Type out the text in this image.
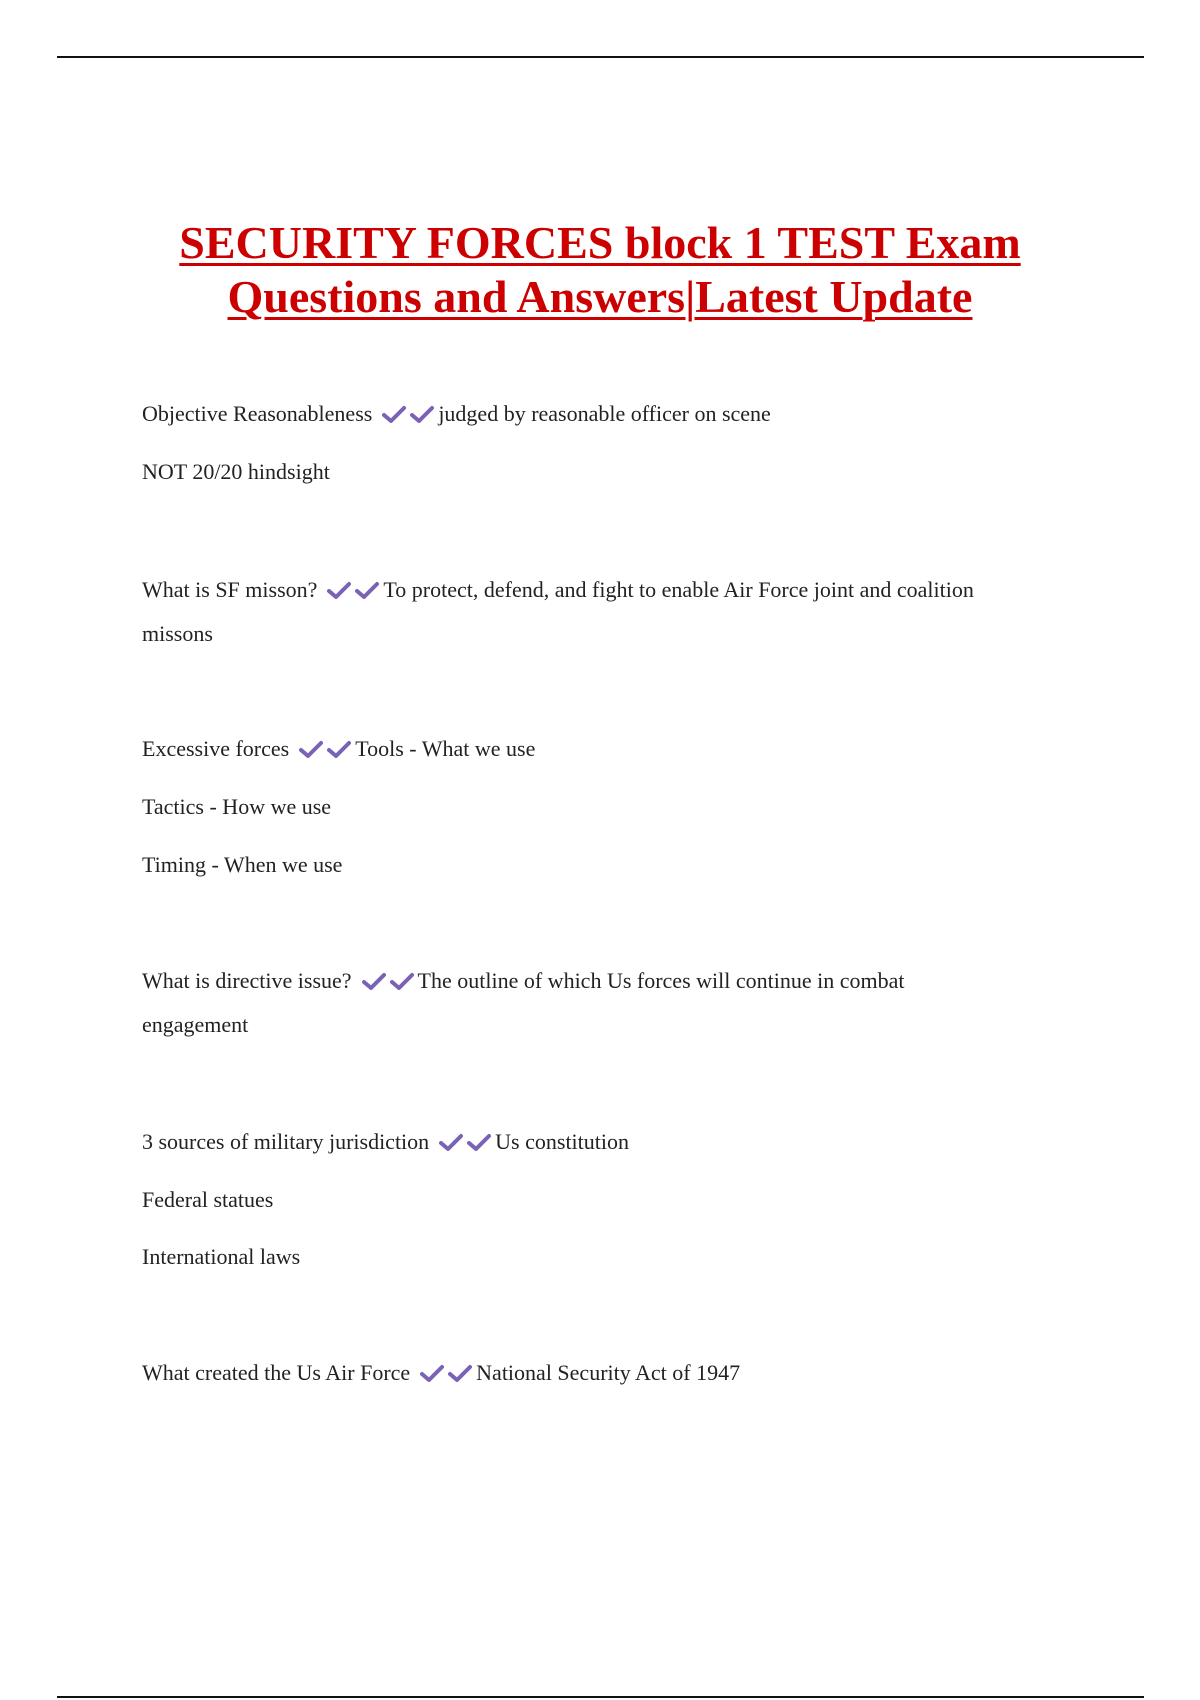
SECURITY FORCES block 1 TEST Exam
Questions and Answers|Latest Update
Objective Reasonableness	judged by reasonable officer on scene
NOT 20/20 hindsight
What is SF misson?	To protect, defend, and fight to enable Air Force joint and coalition
missons
Excessive forces	Tools - What we use
Tactics - How we use
Timing - When we use
What is directive issue?	The outline of which Us forces will continue in combat
engagement
3 sources of military jurisdiction	Us constitution
Federal statues
International laws
What created the Us Air Force	National Security Act of 1947
